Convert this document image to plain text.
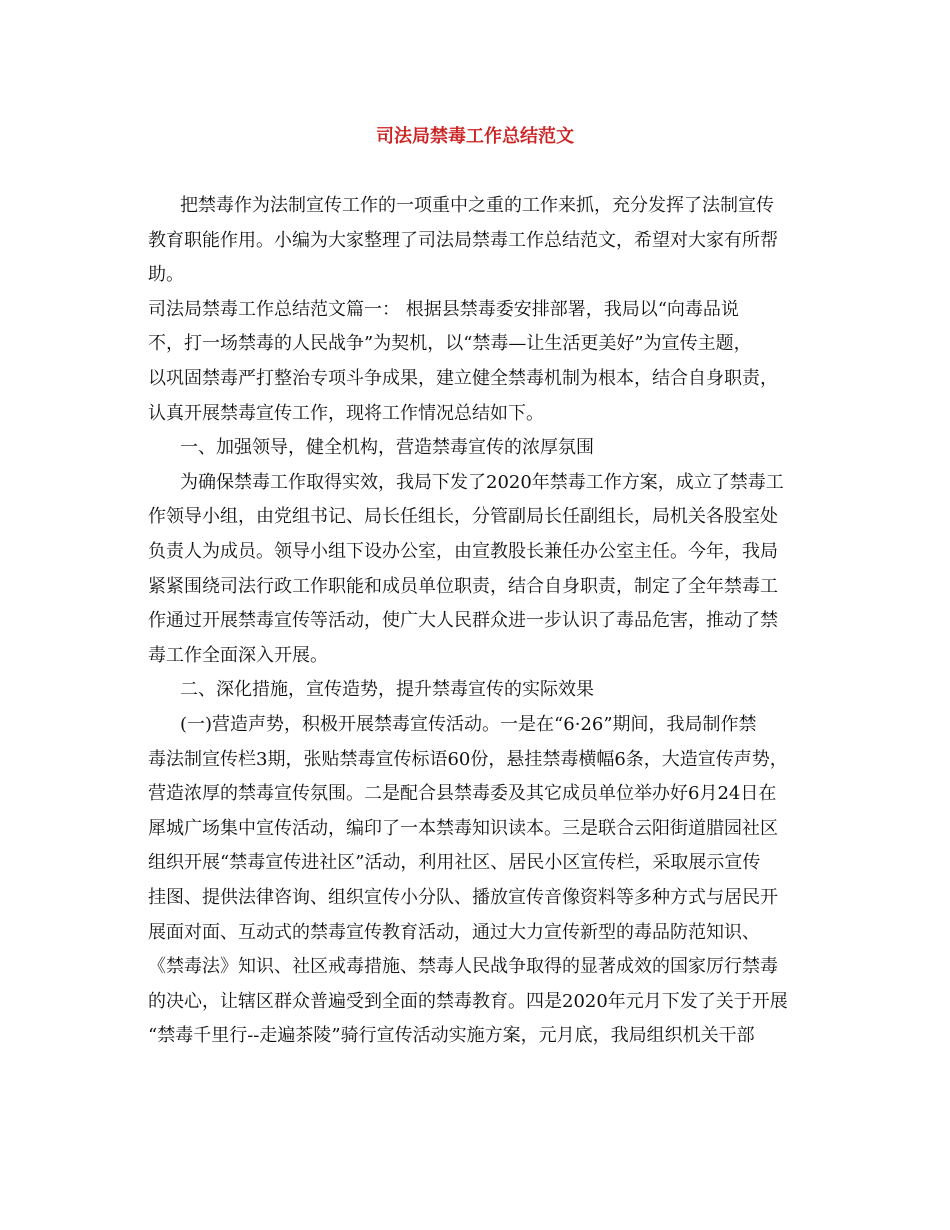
司法局禁毒工作总结范文
把禁毒作为法制宣传工作的一项重中之重的工作来抓，充分发挥了法制宣传
教育职能作用。小编为大家整理了司法局禁毒工作总结范文，希望对大家有所帮
助。
司法局禁毒工作总结范文篇一： 根据县禁毒委安排部署，我局以“向毒品说
不，打一场禁毒的人民战争”为契机，以“禁毒—让生活更美好”为宣传主题，
以巩固禁毒严打整治专项斗争成果，建立健全禁毒机制为根本，结合自身职责，
认真开展禁毒宣传工作，现将工作情况总结如下。
一、加强领导，健全机构，营造禁毒宣传的浓厚氛围
为确保禁毒工作取得实效，我局下发了2020年禁毒工作方案，成立了禁毒工
作领导小组，由党组书记、局长任组长，分管副局长任副组长，局机关各股室处
负责人为成员。领导小组下设办公室，由宣教股长兼任办公室主任。今年，我局
紧紧围绕司法行政工作职能和成员单位职责，结合自身职责，制定了全年禁毒工
作通过开展禁毒宣传等活动，使广大人民群众进一步认识了毒品危害，推动了禁
毒工作全面深入开展。
二、深化措施，宣传造势，提升禁毒宣传的实际效果
(一)营造声势，积极开展禁毒宣传活动。一是在“6·26”期间，我局制作禁
毒法制宣传栏3期，张贴禁毒宣传标语60份，悬挂禁毒横幅6条，大造宣传声势，
营造浓厚的禁毒宣传氛围。二是配合县禁毒委及其它成员单位举办好6月24日在
犀城广场集中宣传活动，编印了一本禁毒知识读本。三是联合云阳街道腊园社区
组织开展“禁毒宣传进社区”活动，利用社区、居民小区宣传栏，采取展示宣传
挂图、提供法律咨询、组织宣传小分队、播放宣传音像资料等多种方式与居民开
展面对面、互动式的禁毒宣传教育活动，通过大力宣传新型的毒品防范知识、
《禁毒法》知识、社区戒毒措施、禁毒人民战争取得的显著成效的国家厉行禁毒
的决心，让辖区群众普遍受到全面的禁毒教育。四是2020年元月下发了关于开展
“禁毒千里行--走遍茶陵”骑行宣传活动实施方案，元月底，我局组织机关干部
